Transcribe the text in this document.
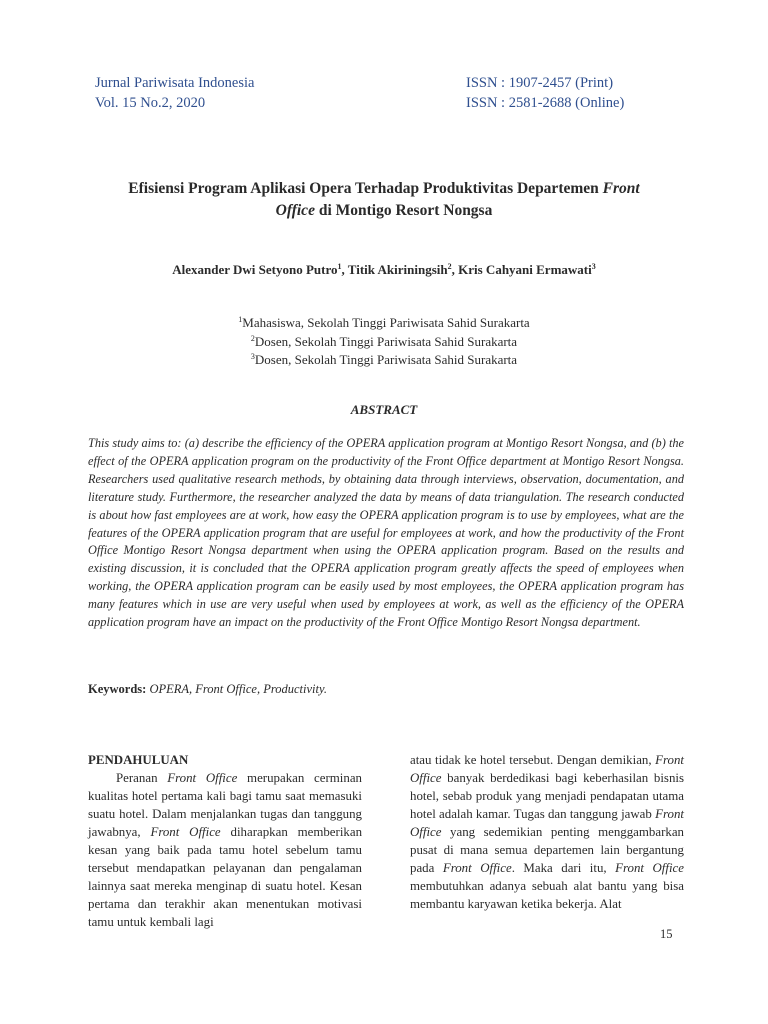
Jurnal Pariwisata Indonesia
Vol. 15 No.2, 2020
ISSN : 1907-2457 (Print)
ISSN : 2581-2688 (Online)
Efisiensi Program Aplikasi Opera Terhadap Produktivitas Departemen Front
Office di Montigo Resort Nongsa
Alexander Dwi Setyono Putro$^1$, Titik Akiriningsih$^2$, Kris Cahyani Ermawati$^3$
$^1$Mahasiswa, Sekolah Tinggi Pariwisata Sahid Surakarta
$^2$Dosen, Sekolah Tinggi Pariwisata Sahid Surakarta
$^3$Dosen, Sekolah Tinggi Pariwisata Sahid Surakarta
ABSTRACT
This study aims to: (a) describe the efficiency of the OPERA application program at Montigo Resort Nongsa, and (b) the effect of the OPERA application program on the productivity of the Front Office department at Montigo Resort Nongsa. Researchers used qualitative research methods, by obtaining data through interviews, observation, documentation, and literature study. Furthermore, the researcher analyzed the data by means of data triangulation. The research conducted is about how fast employees are at work, how easy the OPERA application program is to use by employees, what are the features of the OPERA application program that are useful for employees at work, and how the productivity of the Front Office Montigo Resort Nongsa department when using the OPERA application program. Based on the results and existing discussion, it is concluded that the OPERA application program greatly affects the speed of employees when working, the OPERA application program can be easily used by most employees, the OPERA application program has many features which in use are very useful when used by employees at work, as well as the efficiency of the OPERA application program have an impact on the productivity of the Front Office Montigo Resort Nongsa department.
Keywords: OPERA, Front Office, Productivity.
PENDAHULUAN

Peranan Front Office merupakan cerminan kualitas hotel pertama kali bagi tamu saat memasuki suatu hotel. Dalam menjalankan tugas dan tanggung jawabnya, Front Office diharapkan memberikan kesan yang baik pada tamu hotel sebelum tamu tersebut mendapatkan pelayanan dan pengalaman lainnya saat mereka menginap di suatu hotel. Kesan pertama dan terakhir akan menentukan motivasi tamu untuk kembali lagi

atau tidak ke hotel tersebut. Dengan demikian, Front Office banyak berdedikasi bagi keberhasilan bisnis hotel, sebab produk yang menjadi pendapatan utama hotel adalah kamar. Tugas dan tanggung jawab Front Office yang sedemikian penting menggambarkan pusat di mana semua departemen lain bergantung pada Front Office. Maka dari itu, Front Office membutuhkan adanya sebuah alat bantu yang bisa membantu karyawan ketika bekerja. Alat

15
